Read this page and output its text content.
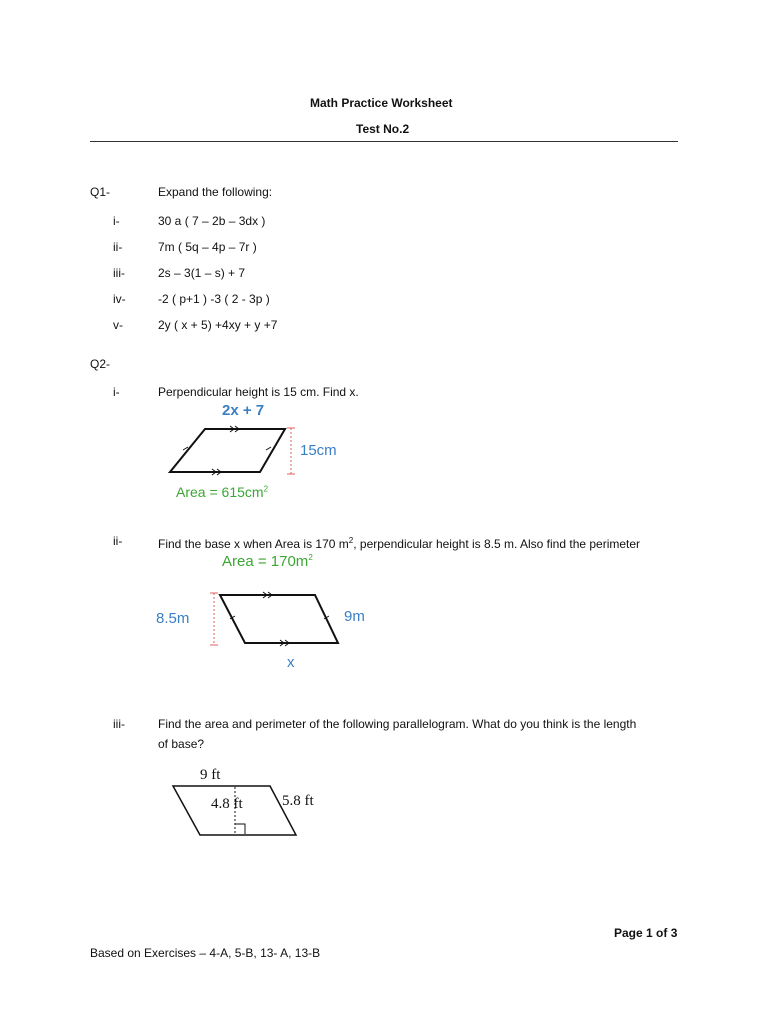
Math Practice Worksheet
Test No.2
Q1-	Expand the following:
i-	30 a ( 7 – 2b – 3dx )
ii-	7m ( 5q – 4p – 7r )
iii-	2s – 3(1 – s) + 7
iv-	-2 ( p+1 ) -3 ( 2 - 3p )
v-	2y ( x + 5) +4xy + y +7
Q2-
i-	Perpendicular height is 15 cm. Find x.
2x + 7
15cm
Area = $615cm^2$
ii-	Find the base x when Area is 170 $m^2$, perpendicular height is 8.5 m. Also find the perimeter
Area = $170m^2$
8.5m	9m
x
iii-	Find the area and perimeter of the following parallelogram. What do you think is the length
of base?
9 ft
4.8 ft	5.8 ft
Page 1 of 3
Based on Exercises – 4-A, 5-B, 13- A, 13-B
